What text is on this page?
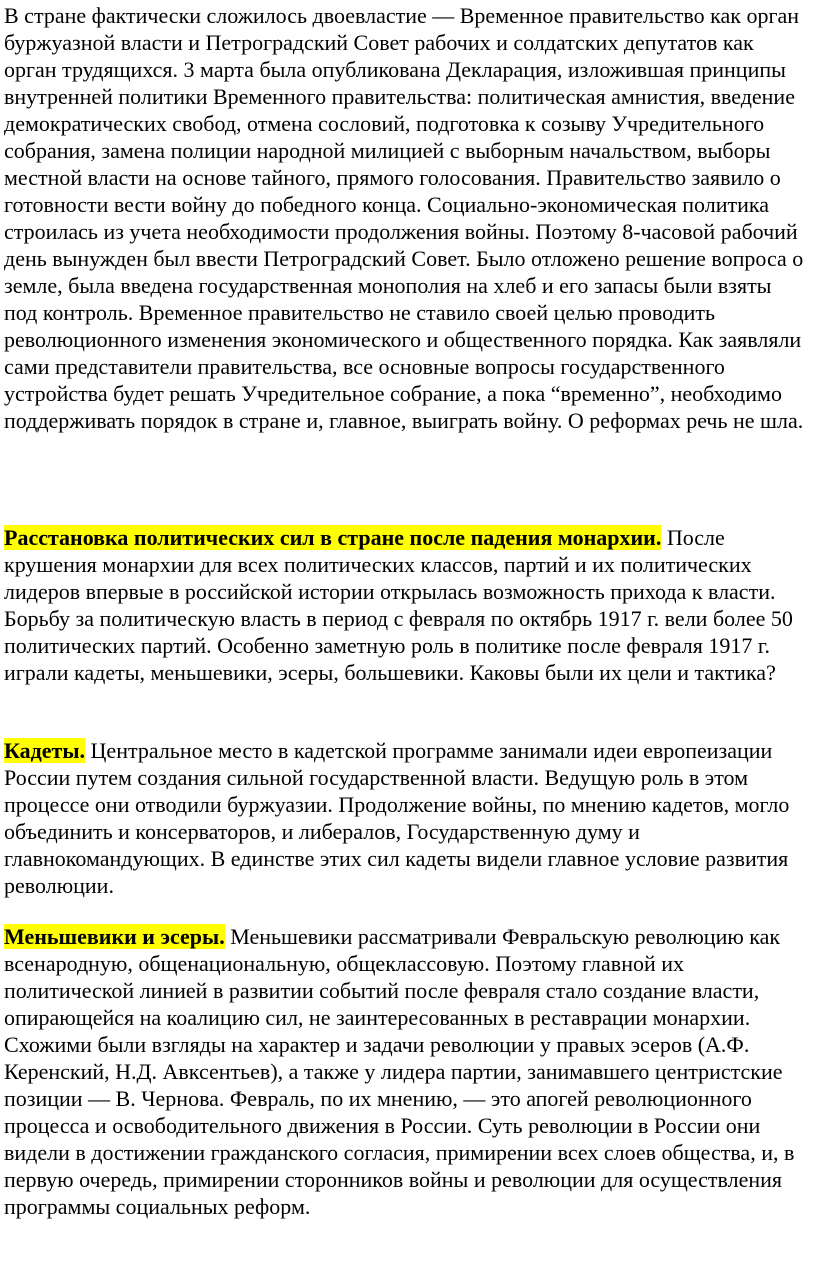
В стране фактически сложилось двоевластие — Временное правительство как орган буржуазной власти и Петроградский Совет рабочих и солдатских депутатов как орган трудящихся. 3 марта была опубликована Декларация, изложившая принципы внутренней политики Временного правительства: политическая амнистия, введение демократических свобод, отмена сословий, подготовка к созыву Учредительного собрания, замена полиции народной милицией с выборным начальством, выборы местной власти на основе тайного, прямого голосования. Правительство заявило о готовности вести войну до победного конца. Социально-экономическая политика строилась из учета необходимости продолжения войны. Поэтому 8-часовой рабочий день вынужден был ввести Петроградский Совет. Было отложено решение вопроса о земле, была введена государственная монополия на хлеб и его запасы были взяты под контроль. Временное правительство не ставило своей целью проводить революционного изменения экономического и общественного порядка. Как заявляли сами представители правительства, все основные вопросы государственного устройства будет решать Учредительное собрание, а пока “временно”, необходимо поддерживать порядок в стране и, главное, выиграть войну. О реформах речь не шла.

Расстановка политических сил в стране после падения монархии. После крушения монархии для всех политических классов, партий и их политических лидеров впервые в российской истории открылась возможность прихода к власти. Борьбу за политическую власть в период с февраля по октябрь 1917 г. вели более 50 политических партий. Особенно заметную роль в политике после февраля 1917 г. играли кадеты, меньшевики, эсеры, большевики. Каковы были их цели и тактика?

Кадеты. Центральное место в кадетской программе занимали идеи европеизации России путем создания сильной государственной власти. Ведущую роль в этом процессе они отводили буржуазии. Продолжение войны, по мнению кадетов, могло объединить и консерваторов, и либералов, Государственную думу и главнокомандующих. В единстве этих сил кадеты видели главное условие развития революции.

Меньшевики и эсеры. Меньшевики рассматривали Февральскую революцию как всенародную, общенациональную, общеклассовую. Поэтому главной их политической линией в развитии событий после февраля стало создание власти, опирающейся на коалицию сил, не заинтересованных в реставрации монархии. Схожими были взгляды на характер и задачи революции у правых эсеров (А.Ф. Керенский, Н.Д. Авксентьев), а также у лидера партии, занимавшего центристские позиции — В. Чернова. Февраль, по их мнению, — это апогей революционного процесса и освободительного движения в России. Суть революции в России они видели в достижении гражданского согласия, примирении всех слоев общества, и, в первую очередь, примирении сторонников войны и революции для осуществления программы социальных реформ.
